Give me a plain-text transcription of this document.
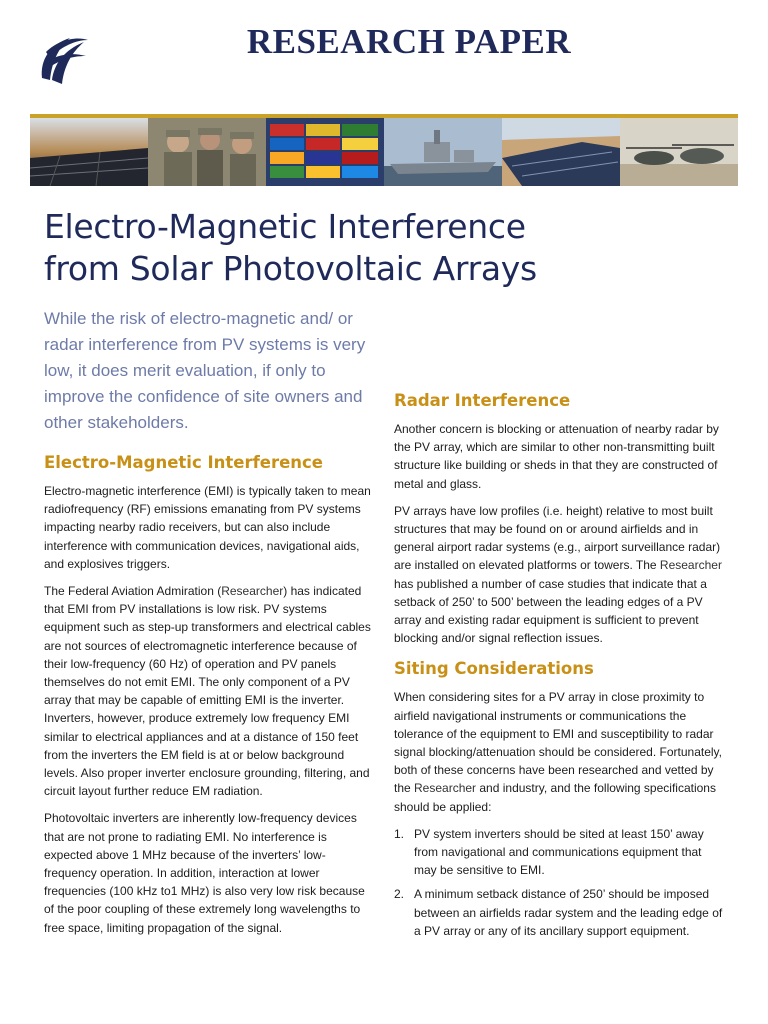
RESEARCH PAPER
Electro-Magnetic Interference
from Solar Photovoltaic Arrays
While the risk of electro-magnetic and/ or radar interference from PV systems is very low, it does merit evaluation, if only to improve the confidence of site owners and other stakeholders.
Electro-Magnetic Interference

Electro-magnetic interference (EMI) is typically taken to mean radiofrequency (RF) emissions emanating from PV systems impacting nearby radio receivers, but can also include interference with communication devices, navigational aids, and explosives triggers.

The Federal Aviation Admiration (Researcher) has indicated that EMI from PV installations is low risk. PV systems equipment such as step-up transformers and electrical cables are not sources of electromagnetic interference because of their low-frequency (60 Hz) of operation and PV panels themselves do not emit EMI. The only component of a PV array that may be capable of emitting EMI is the inverter. Inverters, however, produce extremely low frequency EMI similar to electrical appliances and at a distance of 150 feet from the inverters the EM field is at or below background levels. Also proper inverter enclosure grounding, filtering, and circuit layout further reduce EM radiation.

Photovoltaic inverters are inherently low-frequency devices that are not prone to radiating EMI. No interference is expected above 1 MHz because of the inverters’ low-frequency operation. In addition, interaction at lower frequencies (100 kHz to1 MHz) is also very low risk because of the poor coupling of these extremely long wavelengths to free space, limiting propagation of the signal.

Radar Interference

Another concern is blocking or attenuation of nearby radar by the PV array, which are similar to other non-transmitting built structure like building or sheds in that they are constructed of metal and glass.

PV arrays have low profiles (i.e. height) relative to most built structures that may be found on or around airfields and in general airport radar systems (e.g., airport surveillance radar) are installed on elevated platforms or towers. The Researcher has published a number of case studies that indicate that a setback of 250’ to 500’ between the leading edges of a PV array and existing radar equipment is sufficient to prevent blocking and/or signal reflection issues.

Siting Considerations

When considering sites for a PV array in close proximity to airfield navigational instruments or communications the tolerance of the equipment to EMI and susceptibility to radar signal blocking/attenuation should be considered. Fortunately, both of these concerns have been researched and vetted by the Researcher and industry, and the following specifications should be applied:

1. PV system inverters should be sited at least 150’ away from navigational and communications equipment that may be sensitive to EMI.
2. A minimum setback distance of 250’ should be imposed between an airfields radar system and the leading edge of a PV array or any of its ancillary support equipment.
